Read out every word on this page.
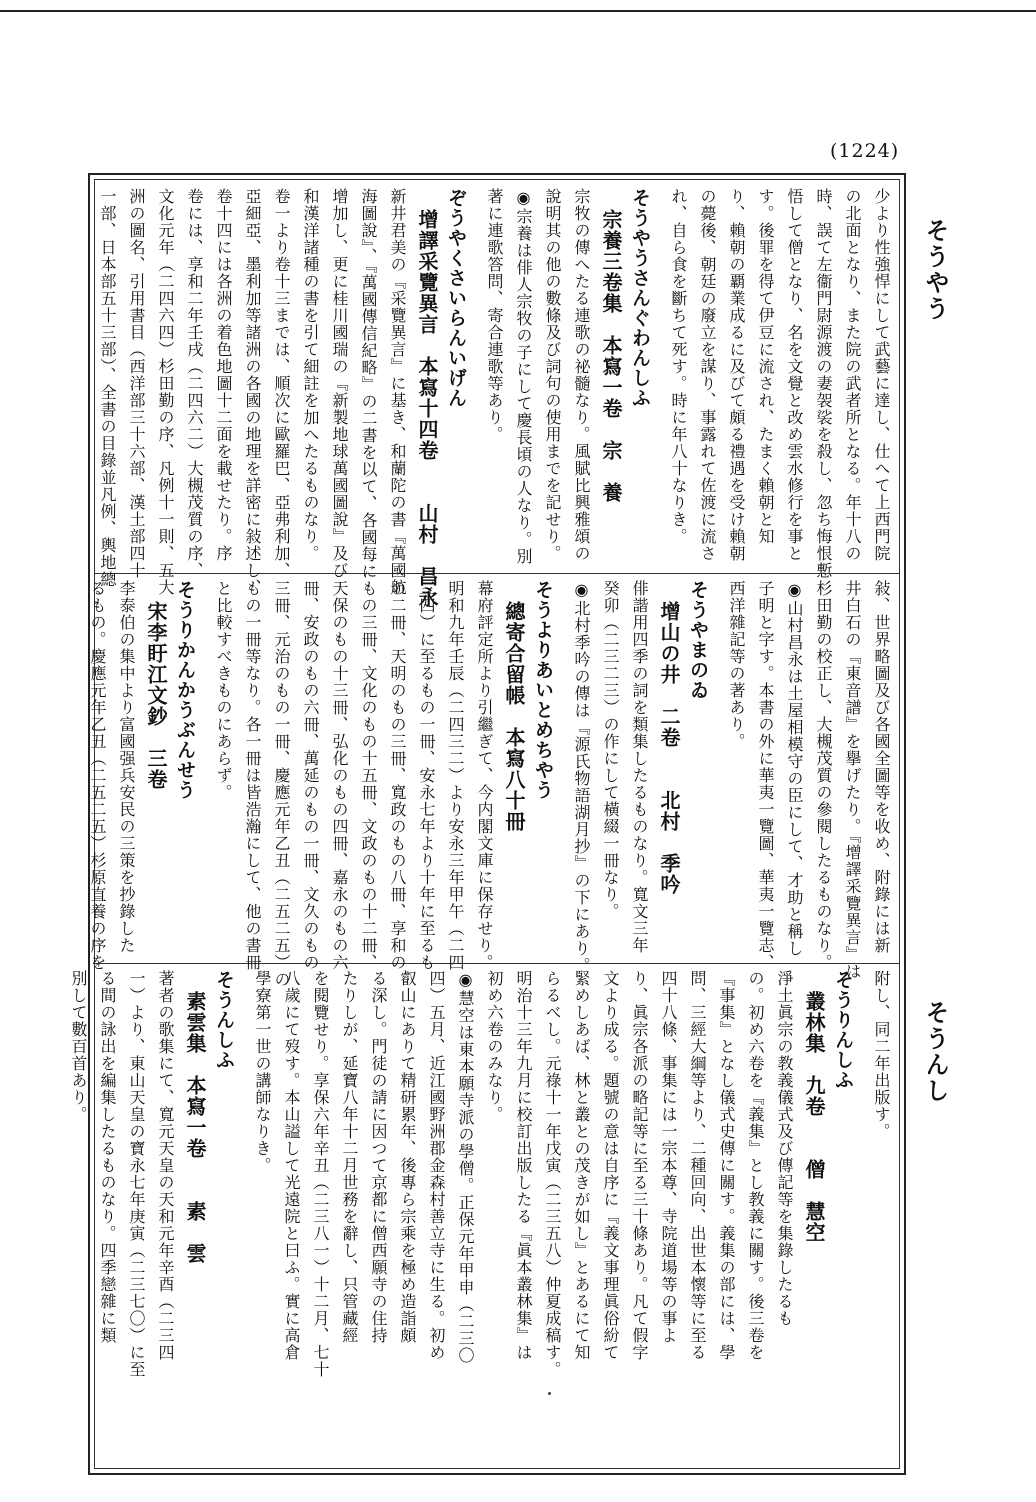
(1224)
そうやう
そうんし
少より性強悍にして武藝に達し、仕へて上西門院
の北面となり、また院の武者所となる。年十八の
時、誤て左衞門尉源渡の妻袈裟を殺し、忽ち悔恨慙
悟して僧となり、名を文覺と改め雲水修行を事と
す。後罪を得て伊豆に流され、たまく賴朝と知
り、賴朝の覇業成るに及びて頗る禮遇を受け賴朝
の薨後、朝廷の廢立を謀り、事露れて佐渡に流さ
れ、自ら食を斷ちて死す。時に年八十なりき。
そうやうさんぐわんしふ
　宗養三卷集　本寫一卷　宗　養
宗牧の傳へたる連歌の祕髓なり。風賦比興雅頌の
說明其の他の數條及び詞句の使用までを記せり。
◉宗養は俳人宗牧の子にして慶長頃の人なり。別
著に連歌答問、寄合連歌等あり。
ぞうやくさいらんいげん
　增譯采覽異言　本寫十四卷　　山村　昌永
新井君美の『采覽異言』に基き、和蘭陀の書『萬國航
海圖說』、『萬國傳信紀略』の二書を以て、各國每に
增加し、更に桂川國瑞の『新製地球萬國圖說』及び
和漢洋諸種の書を引て細註を加へたるものなり。
卷一より卷十三までは、順次に歐羅巴、亞弗利加、
亞細亞、墨利加等諸洲の各國の地理を詳密に敍述し、
卷十四には各洲の着色地圖十二面を載せたり。序
卷には、享和二年壬戌（二四六二）大槻茂質の序、
文化元年（二四六四）杉田勤の序、凡例十一則、五大
洲の圖名、引用書目（西洋部三十六部、漢土部四十
一部、日本部五十三部）、全書の目錄並凡例、輿地總
敍、世界略圖及び各國全圖等を收め、附錄には新
井白石の『東音譜』を擧げたり。『增譯采覽異言』は
杉田勤の校正し、大槻茂質の參閱したるものなり。
◉山村昌永は土屋相模守の臣にして、才助と稱し
子明と字す。本書の外に華夷一覽圖、華夷一覽志、
西洋雜記等の著あり。
そうやまのゐ
　增山の井　二卷　　北村　季吟
俳諧用四季の詞を類集したるものなり。寬文三年
癸卯（二三二三）の作にして橫綴一冊なり。
◉北村季吟の傳は『源氏物語湖月抄』の下にあり。
そうよりあいとめちやう
　總寄合留帳　本寫八十冊
幕府評定所より引繼ぎて、今内閣文庫に保存せり。
明和九年壬辰（二四三二）より安永三年甲午（二四
三四）に至るもの一冊、安永七年より十年に至るも
の二冊、天明のもの三冊、寬政のもの八冊、享和の
もの三冊、文化のもの十五冊、文政のもの十二冊、
天保のもの十三冊、弘化のもの四冊、嘉永のもの六
冊、安政のもの六冊、萬延のもの一冊、文久のもの
三冊、元治のもの一冊、慶應元年乙丑（二五二五）の
もの一冊等なり。各一冊は皆浩瀚にして、他の書冊
と比較すべきものにあらず。
そうりかんかうぶんせう
　宋李盱江文鈔　三卷
李泰伯の集中より富國强兵安民の三策を抄錄した
るもの。慶應元年乙丑（二五二五）杉原直養の序を
附し、同二年出版す。
そうりんしふ
　叢林集　九卷　　僧　慧空
淨土眞宗の教義儀式及び傳記等を集錄したるも
の。初め六卷を『義集』とし教義に關す。後三卷を
『事集』となし儀式史傳に關す。義集の部には、學
問、三經大綱等より、二種回向、出世本懷等に至る
四十八條、事集には一宗本尊、寺院道場等の事よ
り、眞宗各派の略記等に至る三十條あり。凡て假字
文より成る。題號の意は自序に『義文事理眞俗紛て
緊めしあば、林と叢との茂きが如し』とあるにて知
らるべし。元祿十一年戊寅（二三五八）仲夏成稿す。
明治十三年九月に校訂出版したる『眞本叢林集』は
初め六卷のみなり。
◉慧空は東本願寺派の學僧。正保元年甲申（二三〇
四）五月、近江國野洲郡金森村善立寺に生る。初め
叡山にありて精研累年、後專ら宗乘を極め造詣頗
る深し。門徒の請に因つて京都に僧西願寺の住持
たりしが、延寶八年十二月世務を辭し、只管藏經
を閱覽せり。享保六年辛丑（二三八一）十二月、七十
八歲にて歿す。本山謚して光遠院と曰ふ。實に高倉
學寮第一世の講師なりき。
そうんしふ
　素雲集　本寫一卷　　素　雲
著者の歌集にて、寬元天皇の天和元年辛酉（二三四
一）より、東山天皇の寶永七年庚寅（二三七〇）に至
る間の詠出を編集したるものなり。四季戀雜に類
別して數百首あり。
